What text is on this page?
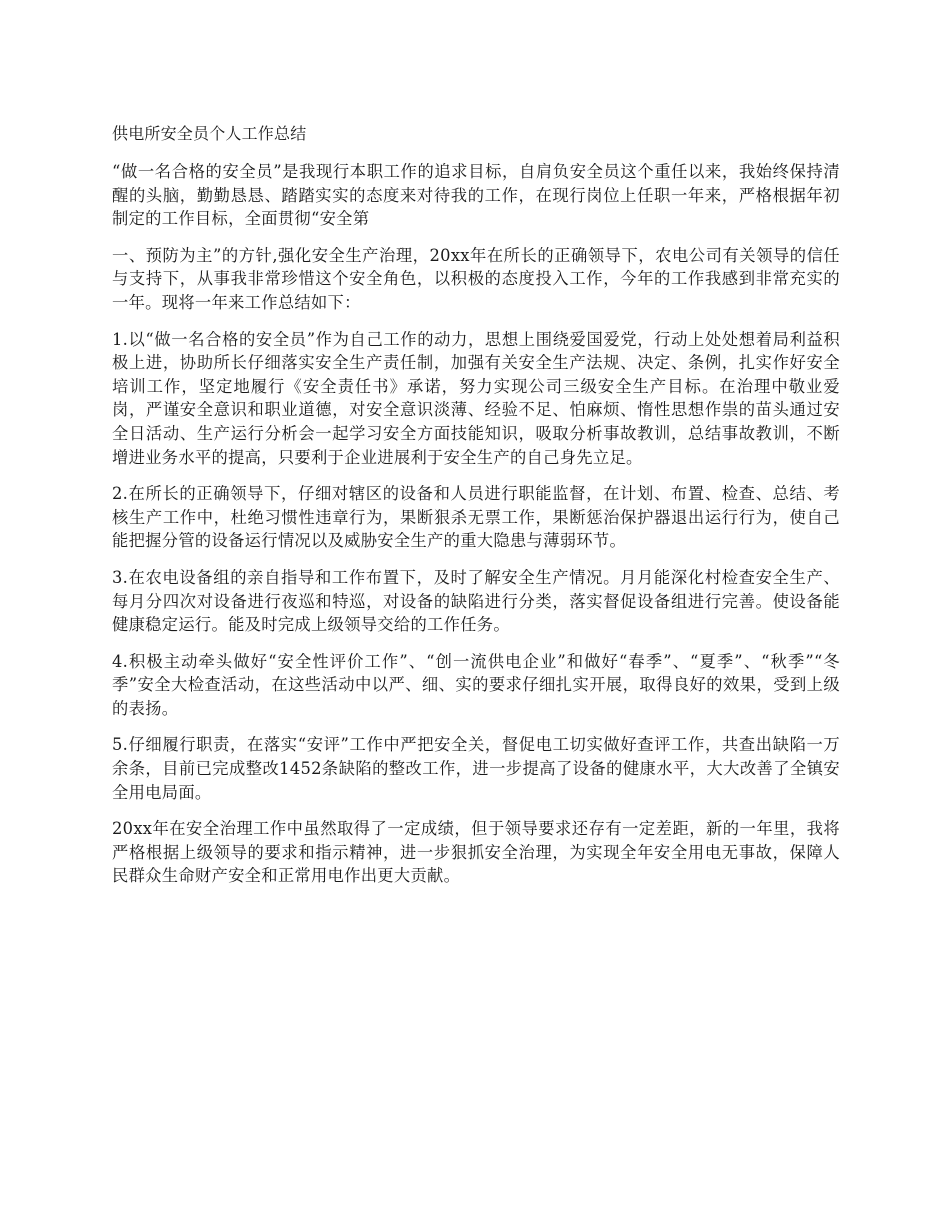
供电所安全员个人工作总结

“做一名合格的安全员”是我现行本职工作的追求目标，自肩负安全员这个重任以来，我始终保持清醒的头脑，勤勤恳恳、踏踏实实的态度来对待我的工作，在现行岗位上任职一年来，严格根据年初制定的工作目标，全面贯彻“安全第

一、预防为主”的方针,强化安全生产治理，20xx年在所长的正确领导下，农电公司有关领导的信任与支持下，从事我非常珍惜这个安全角色，以积极的态度投入工作，今年的工作我感到非常充实的一年。现将一年来工作总结如下：

1.以“做一名合格的安全员”作为自己工作的动力，思想上围绕爱国爱党，行动上处处想着局利益积极上进，协助所长仔细落实安全生产责任制，加强有关安全生产法规、决定、条例，扎实作好安全培训工作，坚定地履行《安全责任书》承诺，努力实现公司三级安全生产目标。在治理中敬业爱岗，严谨安全意识和职业道德，对安全意识淡薄、经验不足、怕麻烦、惰性思想作祟的苗头通过安全日活动、生产运行分析会一起学习安全方面技能知识，吸取分析事故教训，总结事故教训，不断增进业务水平的提高，只要利于企业进展利于安全生产的自己身先立足。

2.在所长的正确领导下，仔细对辖区的设备和人员进行职能监督，在计划、布置、检查、总结、考核生产工作中，杜绝习惯性违章行为，果断狠杀无票工作，果断惩治保护器退出运行行为，使自己能把握分管的设备运行情况以及威胁安全生产的重大隐患与薄弱环节。

3.在农电设备组的亲自指导和工作布置下，及时了解安全生产情况。月月能深化村检查安全生产、每月分四次对设备进行夜巡和特巡，对设备的缺陷进行分类，落实督促设备组进行完善。使设备能健康稳定运行。能及时完成上级领导交给的工作任务。

4.积极主动牵头做好“安全性评价工作”、“创一流供电企业”和做好“春季”、“夏季”、“秋季”“冬季”安全大检查活动，在这些活动中以严、细、实的要求仔细扎实开展，取得良好的效果，受到上级的表扬。

5.仔细履行职责，在落实“安评”工作中严把安全关，督促电工切实做好查评工作，共查出缺陷一万余条，目前已完成整改1452条缺陷的整改工作，进一步提高了设备的健康水平，大大改善了全镇安全用电局面。

20xx年在安全治理工作中虽然取得了一定成绩，但于领导要求还存有一定差距，新的一年里，我将严格根据上级领导的要求和指示精神，进一步狠抓安全治理，为实现全年安全用电无事故，保障人民群众生命财产安全和正常用电作出更大贡献。
